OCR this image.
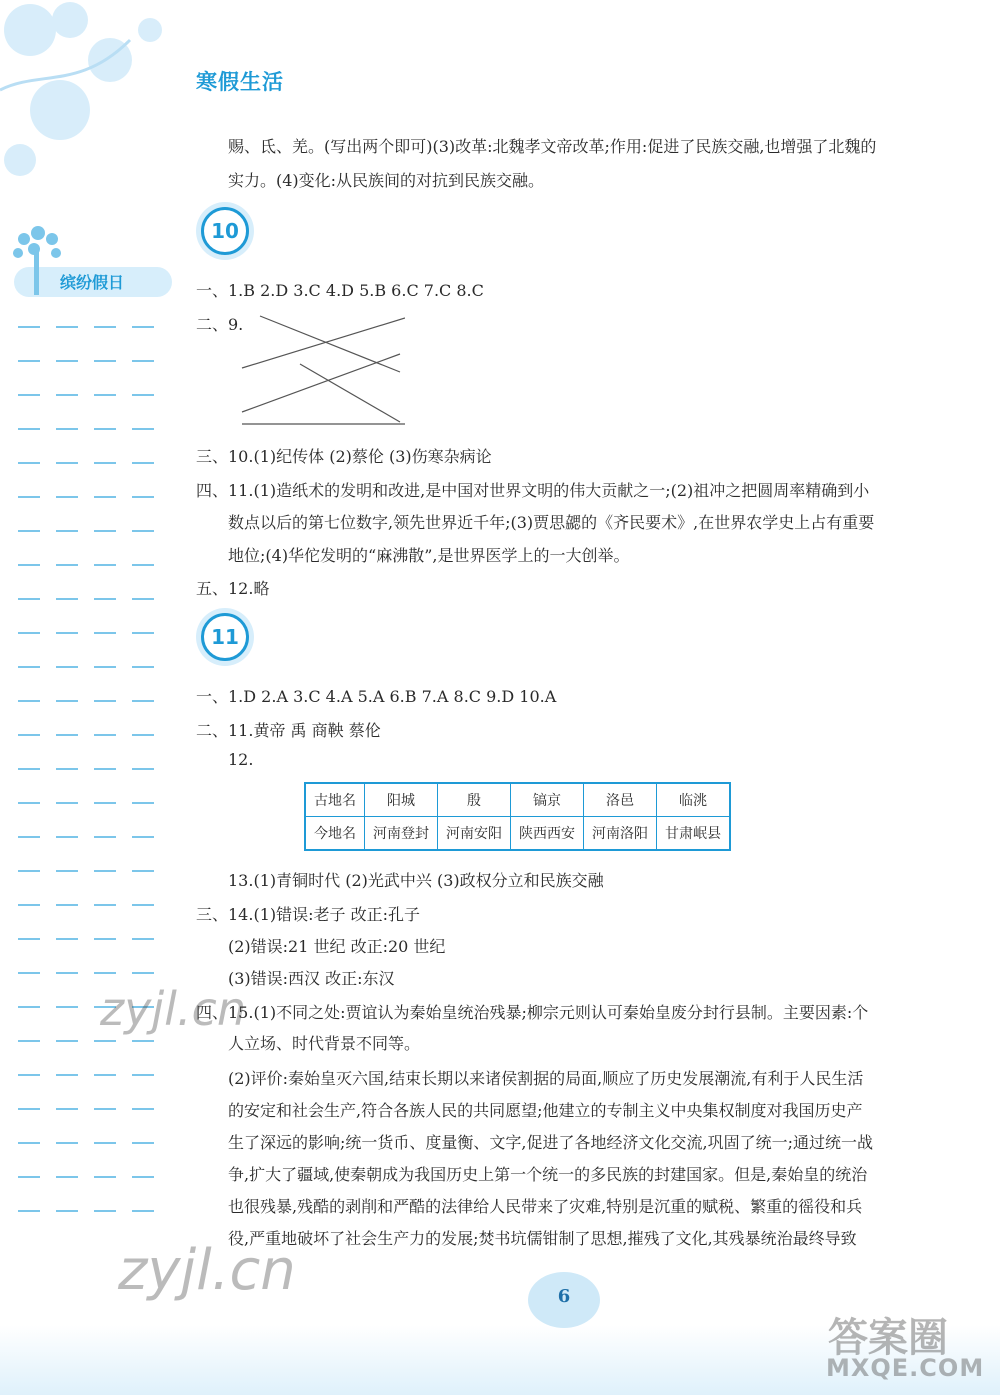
寒假生活
缤纷假日
赐、氐、羌。(写出两个即可)(3)改革:北魏孝文帝改革;作用:促进了民族交融,也增强了北魏的
实力。(4)变化:从民族间的对抗到民族交融。
10
一、1.B 2.D 3.C 4.D 5.B 6.C 7.C 8.C
二、9.
三、10.(1)纪传体 (2)蔡伦 (3)伤寒杂病论
四、11.(1)造纸术的发明和改进,是中国对世界文明的伟大贡献之一;(2)祖冲之把圆周率精确到小
数点以后的第七位数字,领先世界近千年;(3)贾思勰的《齐民要术》,在世界农学史上占有重要
地位;(4)华佗发明的“麻沸散”,是世界医学上的一大创举。
五、12.略
11
一、1.D 2.A 3.C 4.A 5.A 6.B 7.A 8.C 9.D 10.A
二、11.黄帝 禹 商鞅 蔡伦
12.
古地名	阳城	殷	镐京	洛邑	临洮
今地名	河南登封	河南安阳	陕西西安	河南洛阳	甘肃岷县
13.(1)青铜时代 (2)光武中兴 (3)政权分立和民族交融
三、14.(1)错误:老子 改正:孔子
(2)错误:21 世纪 改正:20 世纪
(3)错误:西汉 改正:东汉
四、15.(1)不同之处:贾谊认为秦始皇统治残暴;柳宗元则认可秦始皇废分封行县制。主要因素:个
人立场、时代背景不同等。
(2)评价:秦始皇灭六国,结束长期以来诸侯割据的局面,顺应了历史发展潮流,有利于人民生活
的安定和社会生产,符合各族人民的共同愿望;他建立的专制主义中央集权制度对我国历史产
生了深远的影响;统一货币、度量衡、文字,促进了各地经济文化交流,巩固了统一;通过统一战
争,扩大了疆域,使秦朝成为我国历史上第一个统一的多民族的封建国家。但是,秦始皇的统治
也很残暴,残酷的剥削和严酷的法律给人民带来了灾难,特别是沉重的赋税、繁重的徭役和兵
役,严重地破坏了社会生产力的发展;焚书坑儒钳制了思想,摧残了文化,其残暴统治最终导致
6
zyjl.cn
zyjl.cn
答案圈
MXQE.COM
